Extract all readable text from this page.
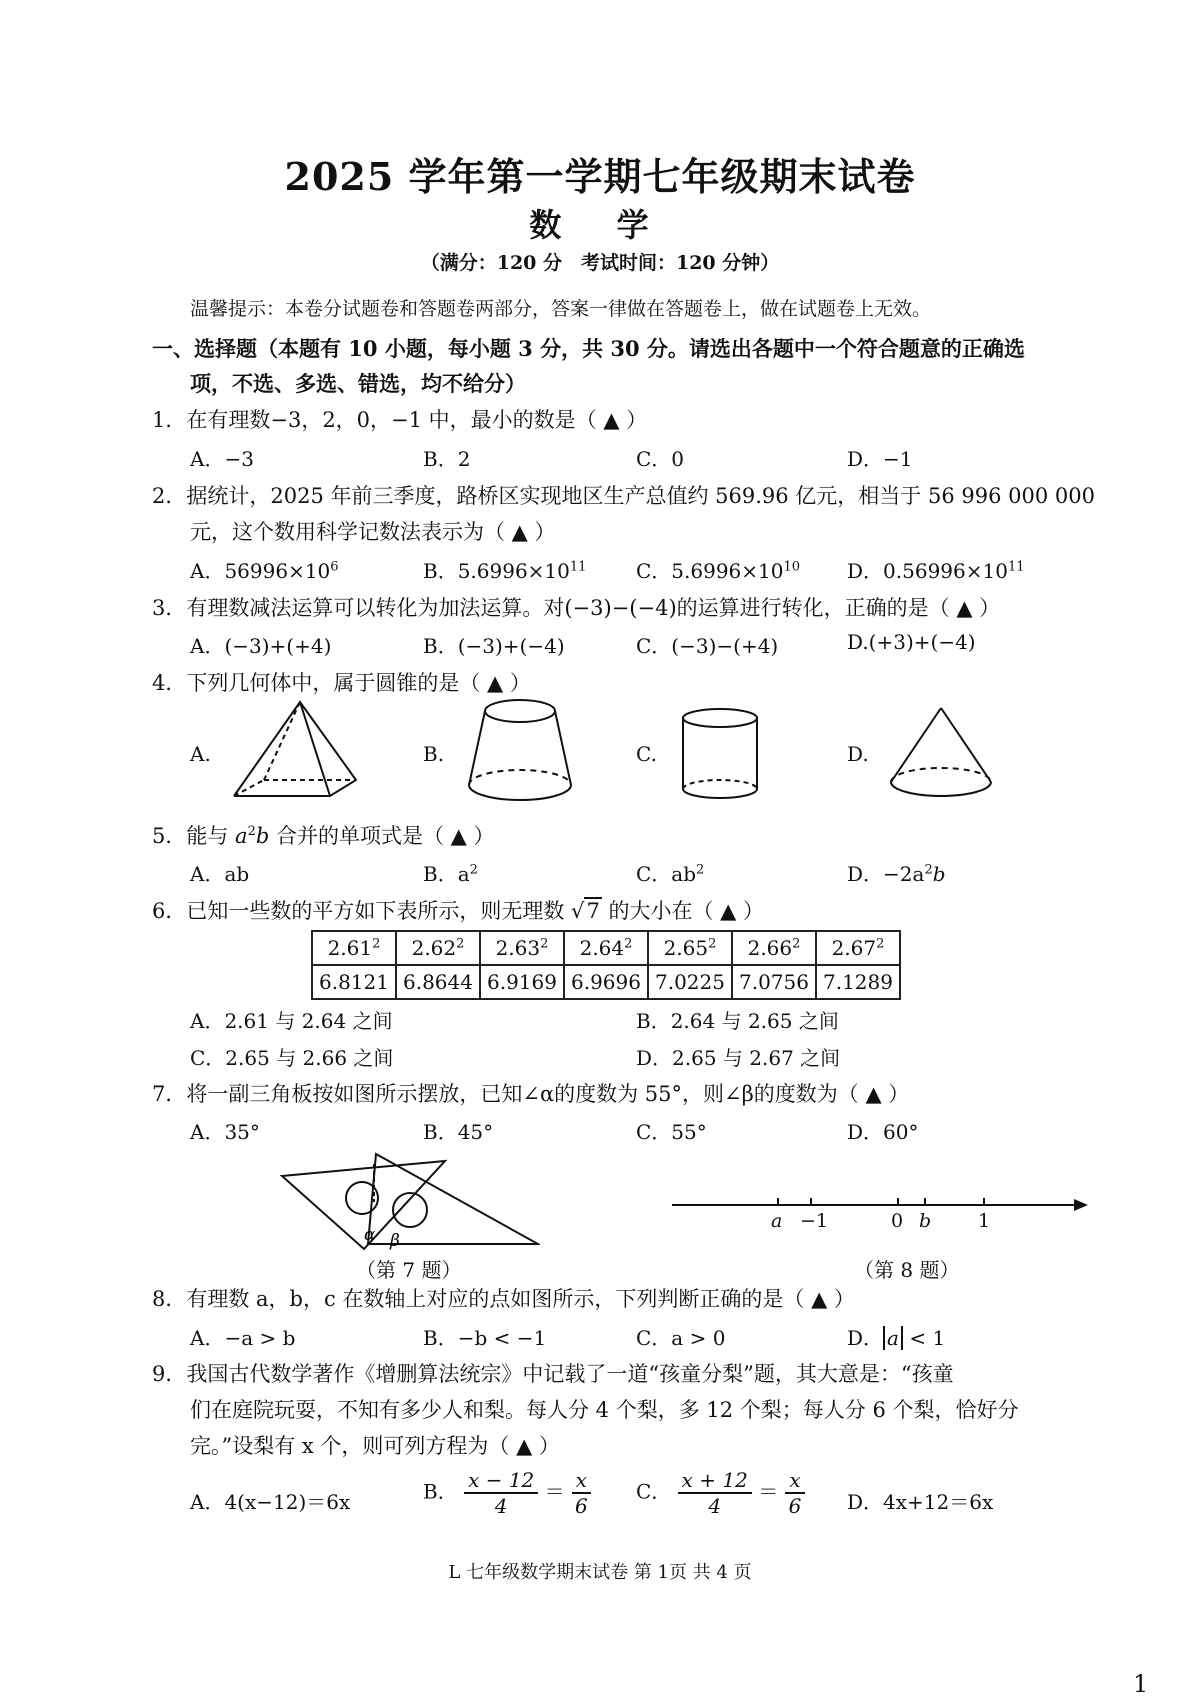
2025 学年第一学期七年级期末试卷
数 学
（满分：120 分　考试时间：120 分钟）
温馨提示：本卷分试题卷和答题卷两部分，答案一律做在答题卷上，做在试题卷上无效。
一、选择题（本题有 10 小题，每小题 3 分，共 30 分。请选出各题中一个符合题意的正确选
项，不选、多选、错选，均不给分）
1．在有理数−3，2，0，−1 中，最小的数是（ ▲ ）
A．−3	B．2	C．0	D．−1
2．据统计，2025 年前三季度，路桥区实现地区生产总值约 569.96 亿元，相当于 56 996 000 000
元，这个数用科学记数法表示为（ ▲ ）
A．$56996\times 10^6$	B．$5.6996\times 10^{11}$ C．$5.6996\times 10^{10}$ D．$0.56996\times 10^{11}$
3．有理数减法运算可以转化为加法运算。对(−3)−(−4)的运算进行转化，正确的是（ ▲ ）
A．(−3)+(+4)	B．(−3)+(−4)	C．(−3)−(+4)	D.(+3)+(−4)
4．下列几何体中，属于圆锥的是（ ▲ ）
A.	B.	C.	D.
5．能与 $a^2b$ 合并的单项式是（ ▲ ）
A．ab	B．$a^2$	C．$ab^2$	D．$-2a^2b$
6．已知一些数的平方如下表所示，则无理数 √7 的大小在（ ▲ ）
2.61$^2$	2.62$^2$	2.63$^2$	2.64$^2$	2.65$^2$	2.66$^2$	2.67$^2$
6.8121	6.8644	6.9169	6.9696	7.0225	7.0756	7.1289
A．2.61 与 2.64 之间	B．2.64 与 2.65 之间
C．2.65 与 2.66 之间	D．2.65 与 2.67 之间
7．将一副三角板按如图所示摆放，已知∠α的度数为 55°，则∠β的度数为（ ▲ ）
A．35°	B．45°	C．55°	D．60°
α β
（第 7 题）
a −1	0 b 1
（第 8 题）
8．有理数 a，b，c 在数轴上对应的点如图所示，下列判断正确的是（ ▲ ）
A．−a > b	B．−b < −1	C．a > 0	D． a < 1
9．我国古代数学著作《增删算法统宗》中记载了一道“孩童分梨”题，其大意是：“孩童
们在庭院玩耍，不知有多少人和梨。每人分 4 个梨，多 12 个梨；每人分 6 个梨，恰好分
完。”设梨有 x 个，则可列方程为（ ▲ ）
A．4(x−12)＝6x	B． $\frac{x - 12}{4} = \frac{x}{6}$ C． $\frac{x + 12}{4} = \frac{x}{6}$ D．4x+12＝6x
L 七年级数学期末试卷 第 1页 共 4 页
1
